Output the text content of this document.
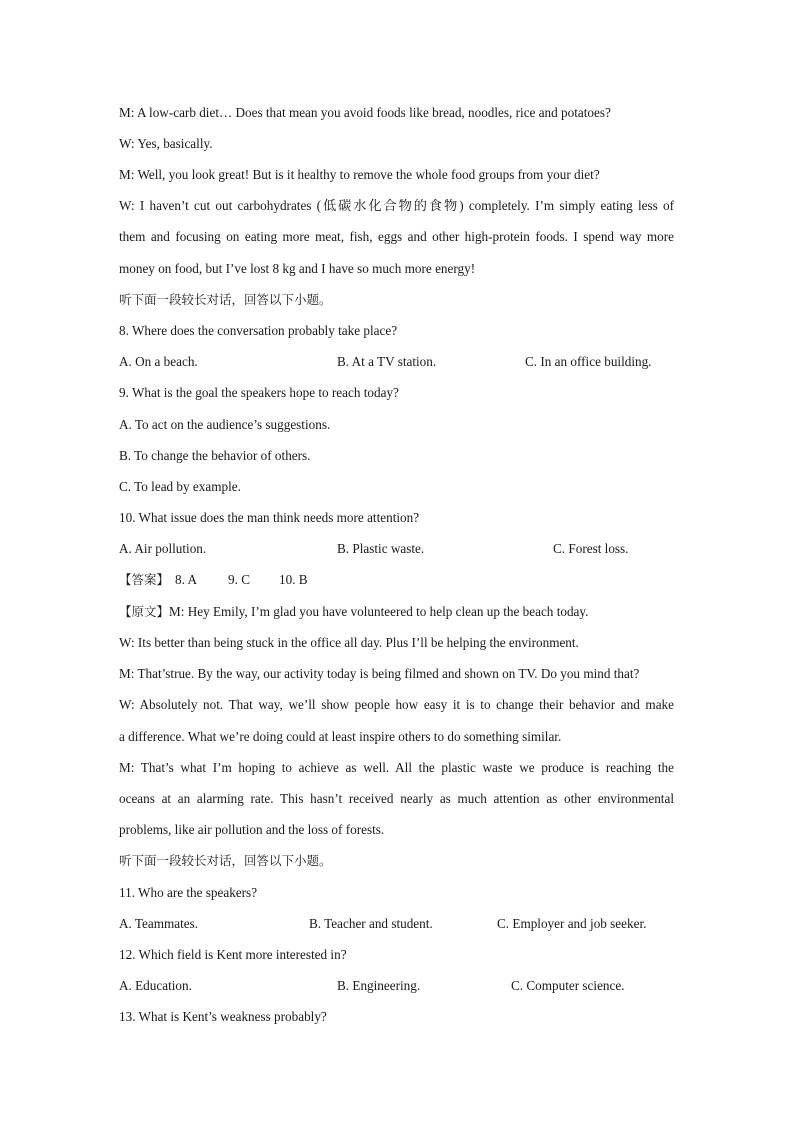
M: A low-carb diet… Does that mean you avoid foods like bread, noodles, rice and potatoes?
W: Yes, basically.
M: Well, you look great! But is it healthy to remove the whole food groups from your diet?
W: I haven’t cut out carbohydrates (低碳水化合物的食物) completely. I’m simply eating less of
them and focusing on eating more meat, fish, eggs and other high-protein foods. I spend way more
money on food, but I’ve lost 8 kg and I have so much more energy!
听下面一段较长对话，回答以下小题。
8. Where does the conversation probably take place?
A. On a beach.	B. At a TV station.	C. In an office building.
9. What is the goal the speakers hope to reach today?
A. To act on the audience’s suggestions.
B. To change the behavior of others.
C. To lead by example.
10. What issue does the man think needs more attention?
A. Air pollution.	B. Plastic waste.	C. Forest loss.
【答案】 8. A 9. C 10. B
【原文】M: Hey Emily, I’m glad you have volunteered to help clean up the beach today.
W: Its better than being stuck in the office all day. Plus I’ll be helping the environment.
M: That’strue. By the way, our activity today is being filmed and shown on TV. Do you mind that?
W: Absolutely not. That way, we’ll show people how easy it is to change their behavior and make
a difference. What we’re doing could at least inspire others to do something similar.
M: That’s what I’m hoping to achieve as well. All the plastic waste we produce is reaching the
oceans at an alarming rate. This hasn’t received nearly as much attention as other environmental
problems, like air pollution and the loss of forests.
听下面一段较长对话，回答以下小题。
11. Who are the speakers?
A. Teammates.	B. Teacher and student.	C. Employer and job seeker.
12. Which field is Kent more interested in?
A. Education.	B. Engineering.	C. Computer science.
13. What is Kent’s weakness probably?
